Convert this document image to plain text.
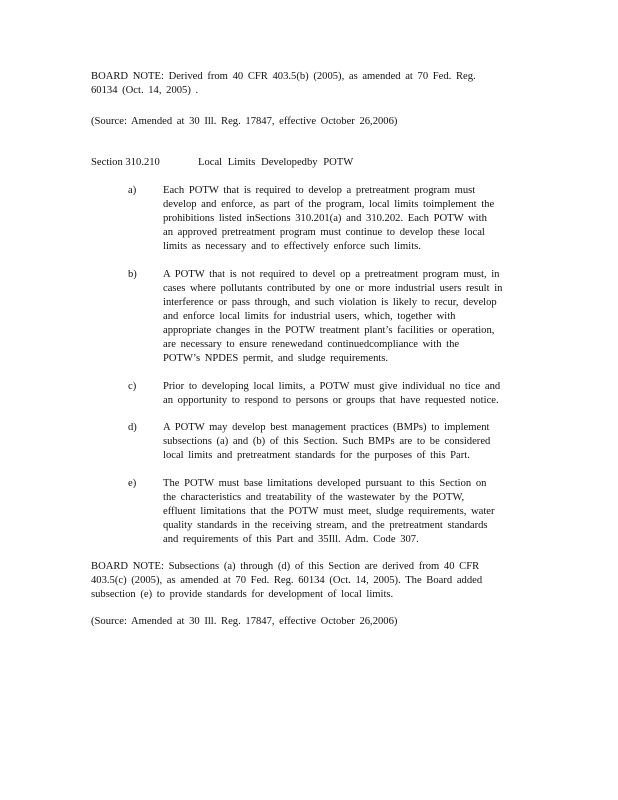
BOARD NOTE: Derived from 40 CFR 403.5(b) (2005), as amended at 70 Fed. Reg.
60134 (Oct. 14, 2005) .
(Source: Amended at 30 Ill. Reg. 17847, effective October 26,2006)
Section 310.210	Local Limits Developedby POTW
a)	Each POTW that is required to develop a pretreatment program must
develop and enforce, as part of the program, local limits toimplement the
prohibitions listed inSections 310.201(a) and 310.202. Each POTW with
an approved pretreatment program must continue to develop these local
limits as necessary and to effectively enforce such limits.
b) A POTW that is not required to devel op a pretreatment program must, in
cases where pollutants contributed by one or more industrial users result in
interference or pass through, and such violation is likely to recur, develop
and enforce local limits for industrial users, which, together with
appropriate changes in the POTW treatment plant’s facilities or operation,
are necessary to ensure renewedand continuedcompliance with the
POTW’s NPDES permit, and sludge requirements.
c)	Prior to developing local limits, a POTW must give individual no tice and
an opportunity to respond to persons or groups that have requested notice.
d) A POTW may develop best management practices (BMPs) to implement
subsections (a) and (b) of this Section. Such BMPs are to be considered
local limits and pretreatment standards for the purposes of this Part.
e)	The POTW must base limitations developed pursuant to this Section on
the characteristics and treatability of the wastewater by the POTW,
effluent limitations that the POTW must meet, sludge requirements, water
quality standards in the receiving stream, and the pretreatment standards
and requirements of this Part and 35Ill. Adm. Code 307.
BOARD NOTE: Subsections (a) through (d) of this Section are derived from 40 CFR
403.5(c) (2005), as amended at 70 Fed. Reg. 60134 (Oct. 14, 2005). The Board added
subsection (e) to provide standards for development of local limits.
(Source: Amended at 30 Ill. Reg. 17847, effective October 26,2006)
